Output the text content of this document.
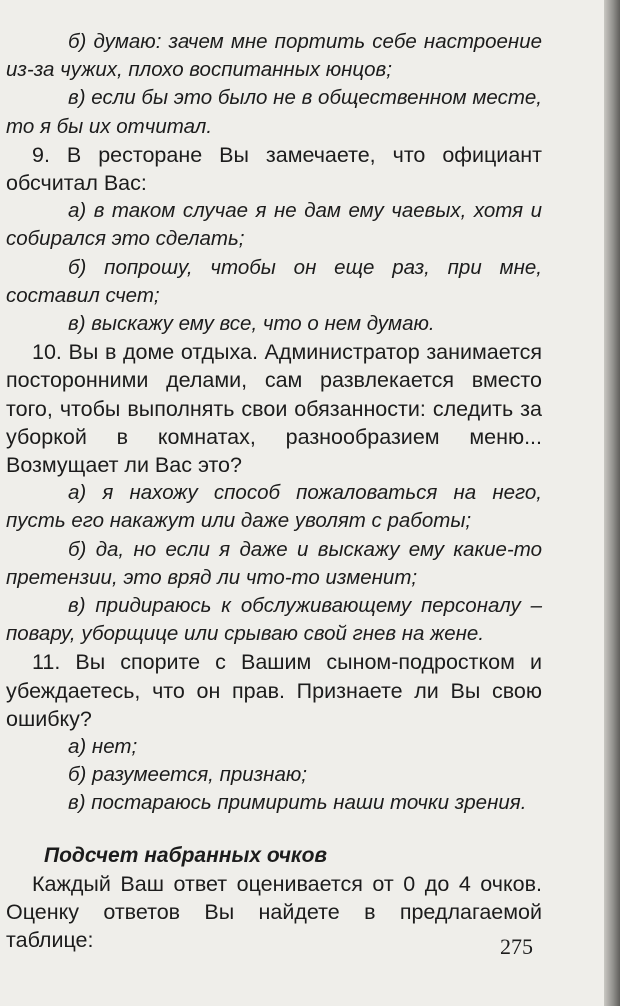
б) думаю: зачем мне портить себе настроение из-за чужих, плохо воспитанных юнцов;

в) если бы это было не в общественном месте, то я бы их отчитал.

9. В ресторане Вы замечаете, что официант обсчитал Вас:

а) в таком случае я не дам ему чаевых, хотя и собирался это сделать;

б) попрошу, чтобы он еще раз, при мне, составил счет;

в) выскажу ему все, что о нем думаю.

10. Вы в доме отдыха. Администратор занимается посторонними делами, сам развлекается вместо того, чтобы выполнять свои обязанности: следить за уборкой в комнатах, разнообразием меню... Возмущает ли Вас это?

а) я нахожу способ пожаловаться на него, пусть его накажут или даже уволят с работы;

б) да, но если я даже и выскажу ему какие-то претензии, это вряд ли что-то изменит;

в) придираюсь к обслуживающему персоналу – повару, уборщице или срываю свой гнев на жене.

11. Вы спорите с Вашим сыном-подростком и убеждаетесь, что он прав. Признаете ли Вы свою ошибку?

а) нет;

б) разумеется, признаю;

в) постараюсь примирить наши точки зрения.

Подсчет набранных очков

Каждый Ваш ответ оценивается от 0 до 4 очков. Оценку ответов Вы найдете в предлагаемой таблице:	275
